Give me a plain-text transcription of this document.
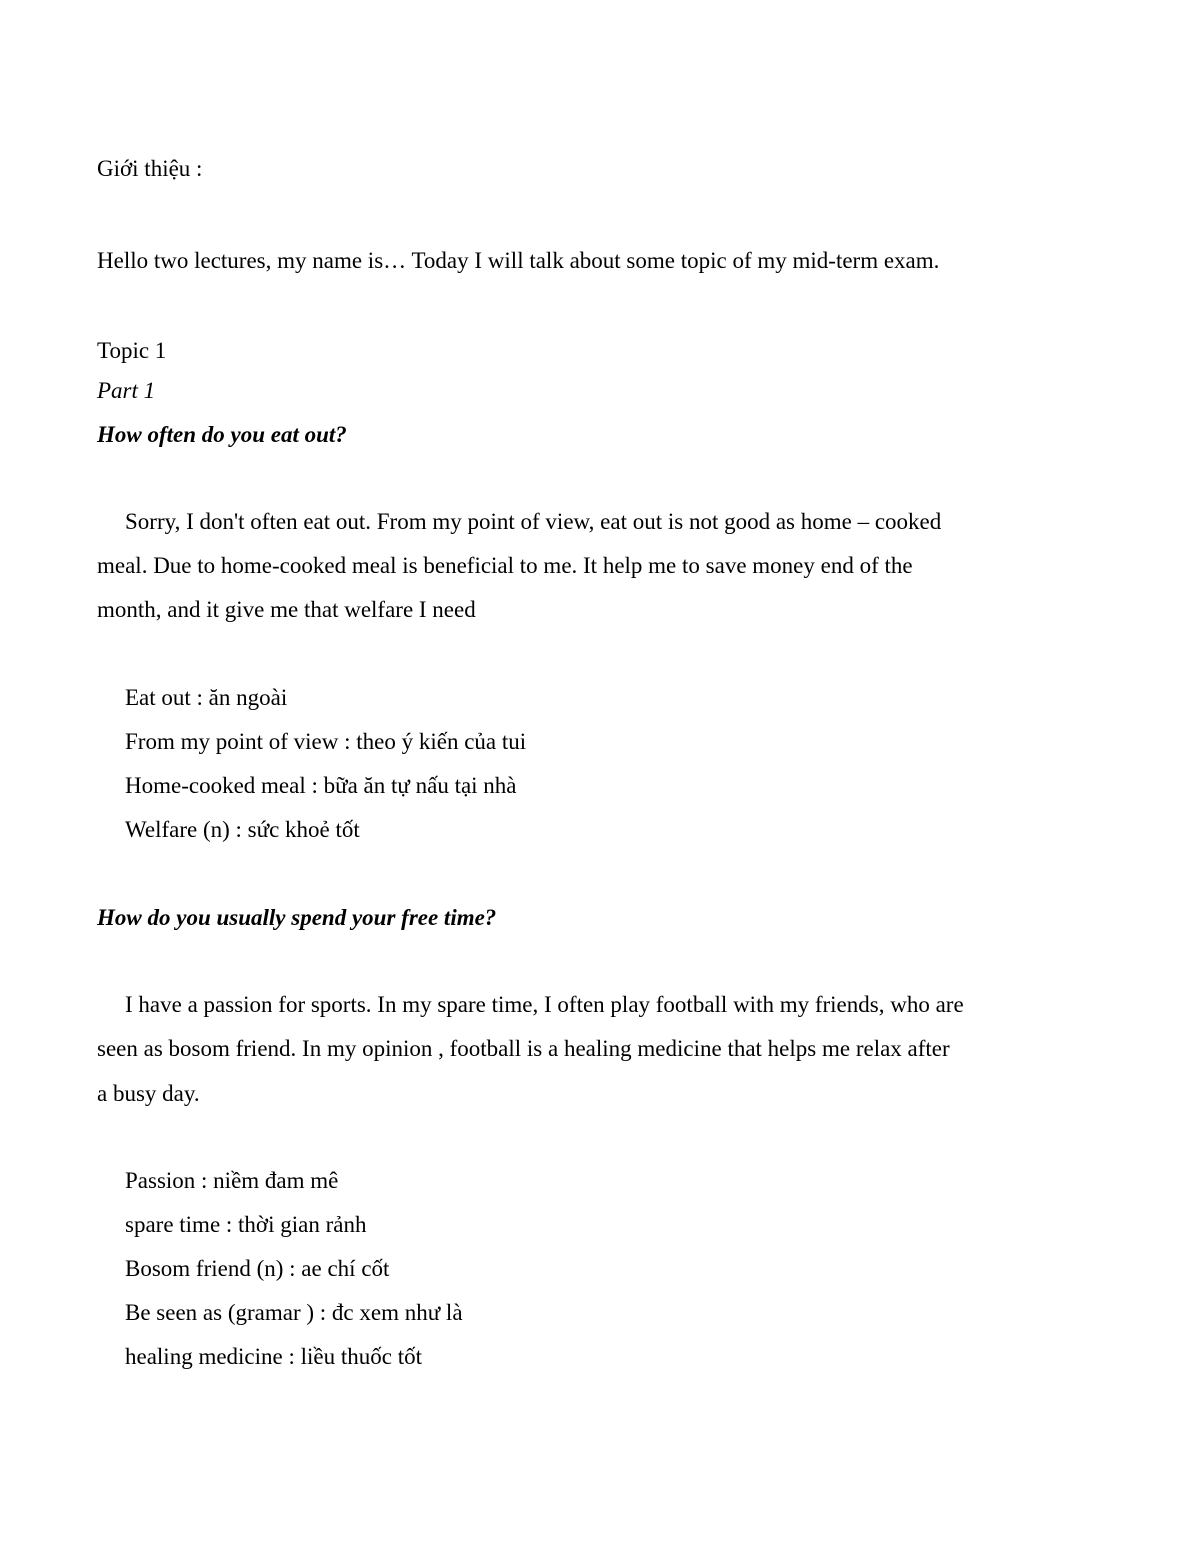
Giới thiệu :
Hello two lectures, my name is… Today I will talk about some topic of my mid-term exam.
Topic 1
Part 1
How often do you eat out?
Sorry, I don't often eat out. From my point of view, eat out is not good as home – cooked
meal. Due to home-cooked meal is beneficial to me. It help me to save money end of the
month, and it give me that welfare I need
Eat out : ăn ngoài
From my point of view : theo ý kiến của tui
Home-cooked meal : bữa ăn tự nấu tại nhà
Welfare (n) : sức khoẻ tốt
How do you usually spend your free time?
I have a passion for sports. In my spare time, I often play football with my friends, who are
seen as bosom friend. In my opinion , football is a healing medicine that helps me relax after
a busy day.
Passion : niềm đam mê
spare time : thời gian rảnh
Bosom friend (n) : ae chí cốt
Be seen as (gramar ) : đc xem như là
healing medicine : liều thuốc tốt
